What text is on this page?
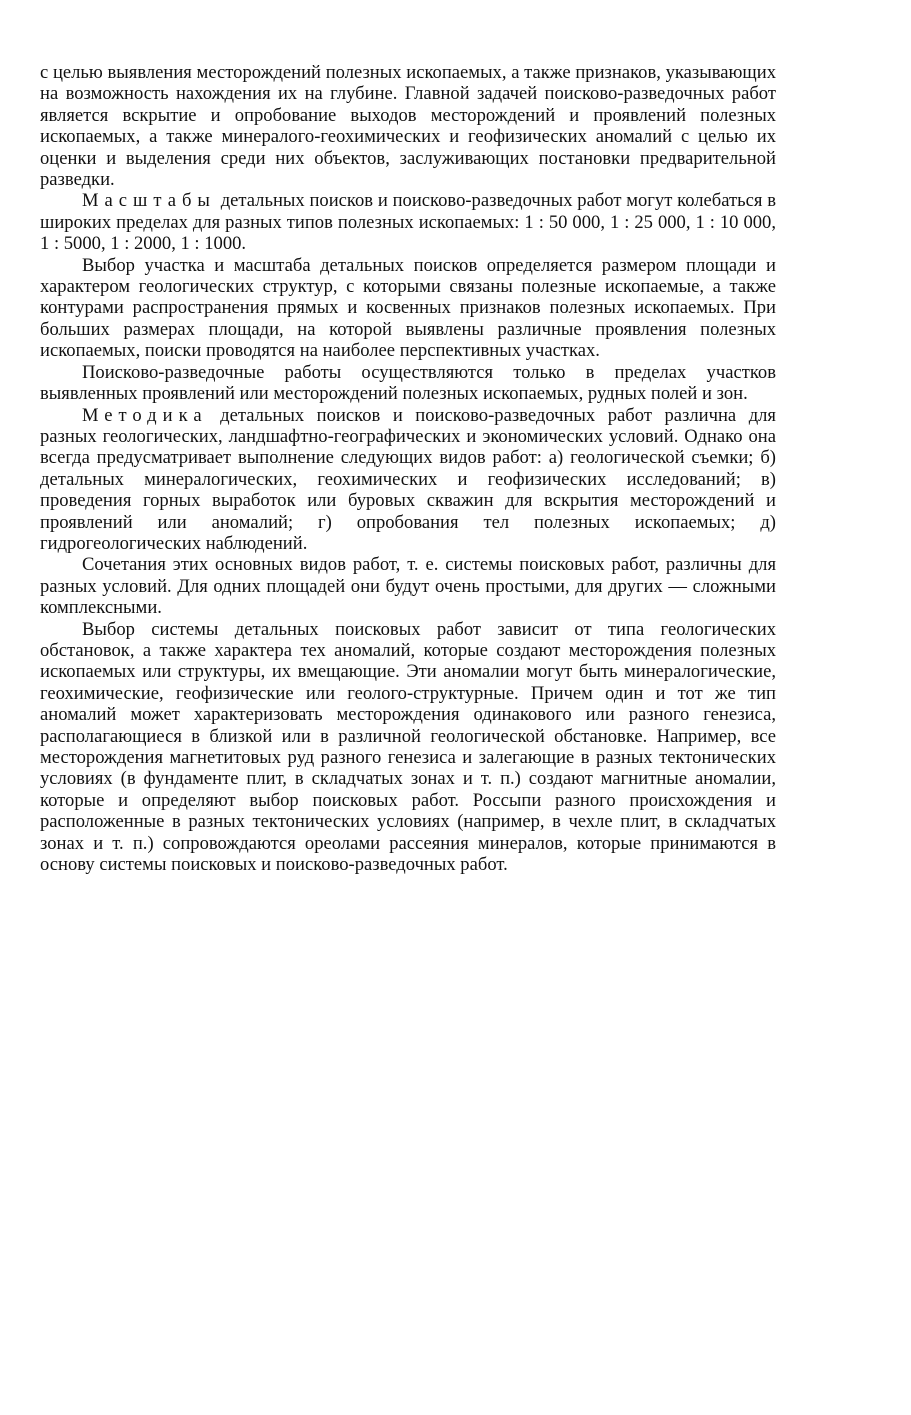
с целью выявления месторождений полезных ископаемых, а также признаков, указывающих на возможность нахождения их на глубине. Главной задачей поисково-разведочных работ является вскрытие и опробование выходов месторождений и проявлений полезных ископаемых, а также минералого-геохимических и геофизических аномалий с целью их оценки и выделения среди них объектов, заслуживающих постановки предварительной разведки.

Масштабы детальных поисков и поисково-разведочных работ могут колебаться в широких пределах для разных типов полезных ископаемых: 1 : 50 000, 1 : 25 000, 1 : 10 000, 1 : 5000, 1 : 2000, 1 : 1000.

Выбор участка и масштаба детальных поисков определяется размером площади и характером геологических структур, с которыми связаны полезные ископаемые, а также контурами распространения прямых и косвенных признаков полезных ископаемых. При больших размерах площади, на которой выявлены различные проявления полезных ископаемых, поиски проводятся на наиболее перспективных участках.

Поисково-разведочные работы осуществляются только в пределах участков выявленных проявлений или месторождений полезных ископаемых, рудных полей и зон.

Методика детальных поисков и поисково-разведочных работ различна для разных геологических, ландшафтно-географических и экономических условий. Однако она всегда предусматривает выполнение следующих видов работ: а) геологической съемки; б) детальных минералогических, геохимических и геофизических исследований; в) проведения горных выработок или буровых скважин для вскрытия месторождений и проявлений или аномалий; г) опробования тел полезных ископаемых; д) гидрогеологических наблюдений.

Сочетания этих основных видов работ, т. е. системы поисковых работ, различны для разных условий. Для одних площадей они будут очень простыми, для других — сложными комплексными.

Выбор системы детальных поисковых работ зависит от типа геологических обстановок, а также характера тех аномалий, которые создают месторождения полезных ископаемых или структуры, их вмещающие. Эти аномалии могут быть минералогические, геохимические, геофизические или геолого-структурные. Причем один и тот же тип аномалий может характеризовать месторождения одинакового или разного генезиса, располагающиеся в близкой или в различной геологической обстановке. Например, все месторождения магнетитовых руд разного генезиса и залегающие в разных тектонических условиях (в фундаменте плит, в складчатых зонах и т. п.) создают магнитные аномалии, которые и определяют выбор поисковых работ. Россыпи разного происхождения и расположенные в разных тектонических условиях (например, в чехле плит, в складчатых зонах и т. п.) сопровождаются ореолами рассеяния минералов, которые принимаются в основу системы поисковых и поисково-разведочных работ.
